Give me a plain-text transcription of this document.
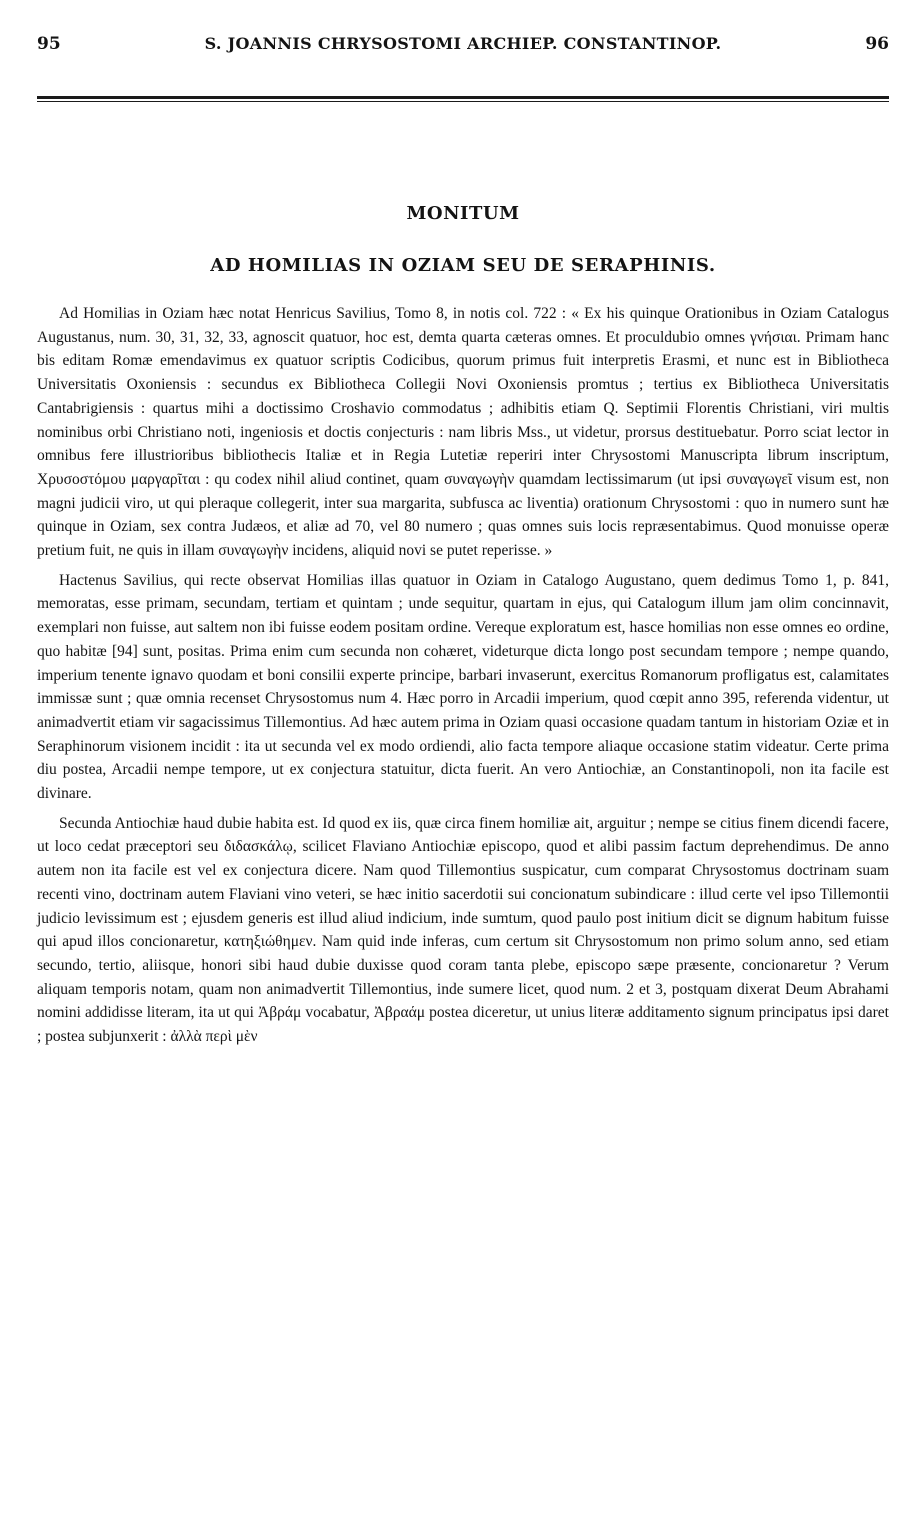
95	S. JOANNIS CHRYSOSTOMI ARCHIEP. CONSTANTINOP.	96
MONITUM
AD HOMILIAS IN OZIAM SEU DE SERAPHINIS.

Ad Homilias in Oziam hæc notat Henricus Savilius, Tomo 8, in notis col. 722 : « Ex his quinque Orationibus in Oziam Catalogus Augustanus, num. 30, 31, 32, 33, agnoscit quatuor, hoc est, demta quarta cæteras omnes. Et proculdubio omnes γνήσιαι. Primam hanc bis editam Romæ emendavimus ex quatuor scriptis Codicibus, quorum primus fuit interpretis Erasmi, et nunc est in Bibliotheca Universitatis Oxoniensis : secundus ex Bibliotheca Collegii Novi Oxoniensis promtus ; tertius ex Bibliotheca Universitatis Cantabrigiensis : quartus mihi a doctissimo Croshavio commodatus ; adhibitis etiam Q. Septimii Florentis Christiani, viri multis nominibus orbi Christiano noti, ingeniosis et doctis conjecturis : nam libris Mss., ut videtur, prorsus destituebatur. Porro sciat lector in omnibus fere illustrioribus bibliothecis Italiæ et in Regia Lutetiæ reperiri inter Chrysostomi Manuscripta librum inscriptum, Χρυσοστόμου μαργαρῖται : qu codex nihil aliud continet, quam συναγωγὴν quamdam lectissimarum (ut ipsi συναγωγεῖ visum est, non magni judicii viro, ut qui pleraque collegerit, inter sua margarita, subfusca ac liventia) orationum Chrysostomi : quo in numero sunt hæ quinque in Oziam, sex contra Judæos, et aliæ ad 70, vel 80 numero ; quas omnes suis locis repræsentabimus. Quod monuisse operæ pretium fuit, ne quis in illam συναγωγὴν incidens, aliquid novi se putet reperisse. »

Hactenus Savilius, qui recte observat Homilias illas quatuor in Oziam in Catalogo Augustano, quem dedimus Tomo 1, p. 841, memoratas, esse primam, secundam, tertiam et quintam ; unde sequitur, quartam in ejus, qui Catalogum illum jam olim concinnavit, exemplari non fuisse, aut saltem non ibi fuisse eodem positam ordine. Vereque exploratum est, hasce homilias non esse omnes eo ordine, quo habitæ [94] sunt, positas. Prima enim cum secunda non cohæret, videturque dicta longo post secundam tempore ; nempe quando, imperium tenente ignavo quodam et boni consilii experte principe, barbari invaserunt, exercitus Romanorum profligatus est, calamitates immissæ sunt ; quæ omnia recenset Chrysostomus num 4. Hæc porro in Arcadii imperium, quod cœpit anno 395, referenda videntur, ut animadvertit etiam vir sagacissimus Tillemontius. Ad hæc autem prima in Oziam quasi occasione quadam tantum in historiam Oziæ et in Seraphinorum visionem incidit : ita ut secunda vel ex modo ordiendi, alio facta tempore aliaque occasione statim videatur. Certe prima diu postea, Arcadii nempe tempore, ut ex conjectura statuitur, dicta fuerit. An vero Antiochiæ, an Constantinopoli, non ita facile est divinare.

Secunda Antiochiæ haud dubie habita est. Id quod ex iis, quæ circa finem homiliæ ait, arguitur ; nempe se citius finem dicendi facere, ut loco cedat præceptori seu διδασκάλῳ, scilicet Flaviano Antiochiæ episcopo, quod et alibi passim factum deprehendimus. De anno autem non ita facile est vel ex conjectura dicere. Nam quod Tillemontius suspicatur, cum comparat Chrysostomus doctrinam suam recenti vino, doctrinam autem Flaviani vino veteri, se hæc initio sacerdotii sui concionatum subindicare : illud certe vel ipso Tillemontii judicio levissimum est ; ejusdem generis est illud aliud indicium, inde sumtum, quod paulo post initium dicit se dignum habitum fuisse qui apud illos concionaretur, κατηξιώθημεν. Nam quid inde inferas, cum certum sit Chrysostomum non primo solum anno, sed etiam secundo, tertio, aliisque, honori sibi haud dubie duxisse quod coram tanta plebe, episcopo sæpe præsente, concionaretur ? Verum aliquam temporis notam, quam non animadvertit Tillemontius, inde sumere licet, quod num. 2 et 3, postquam dixerat Deum Abrahami nomini addidisse literam, ita ut qui Ἀβράμ vocabatur, Ἀβραάμ postea diceretur, ut unius literæ additamento signum principatus ipsi daret ; postea subjunxerit : ἀλλὰ περὶ μὲν
